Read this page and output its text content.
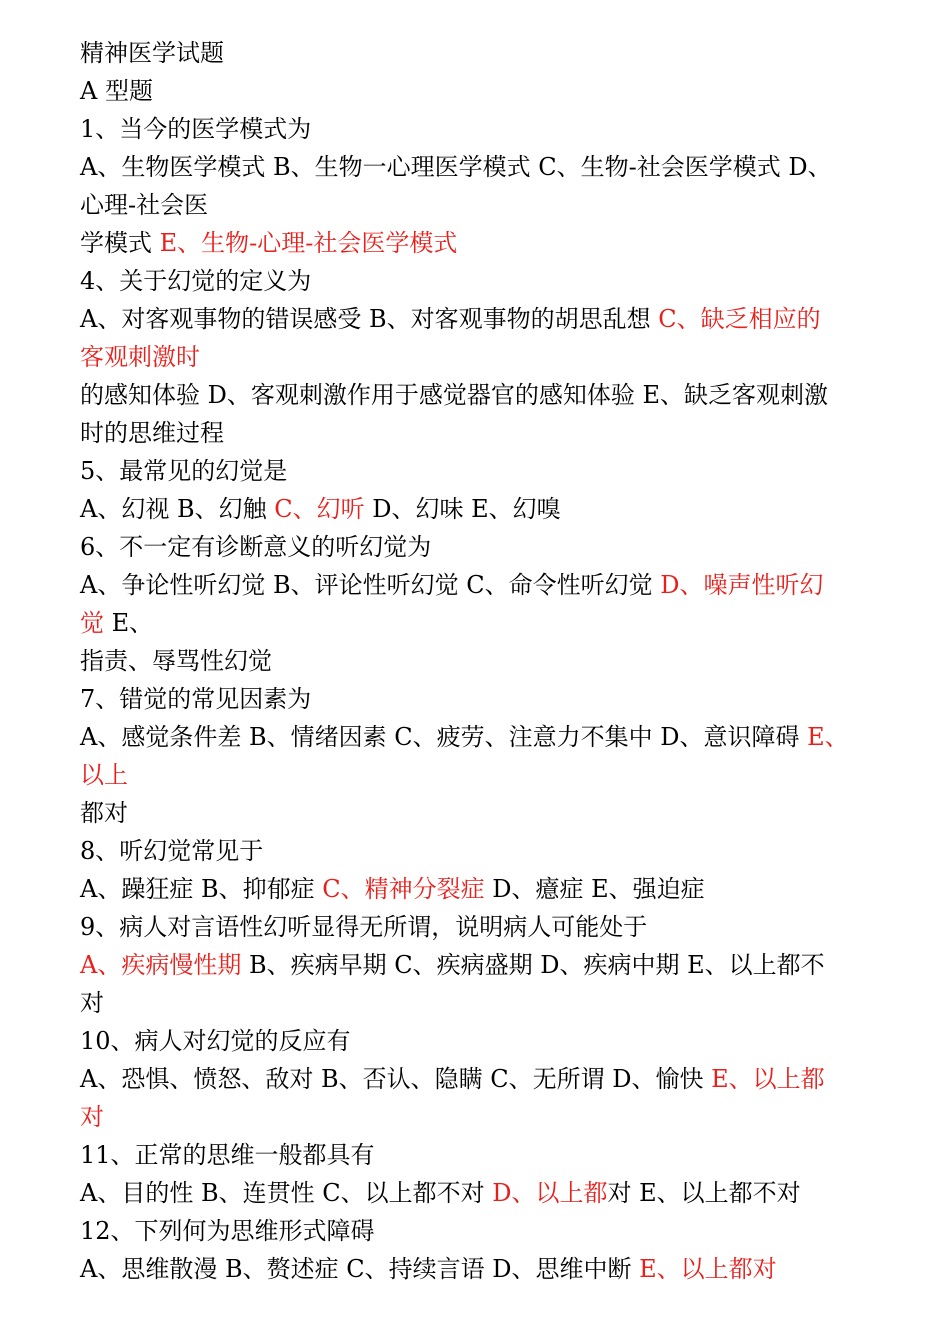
精神医学试题
A 型题
1、当今的医学模式为
A、生物医学模式 B、生物一心理医学模式 C、生物-社会医学模式 D、
心理-社会医
学模式 E、生物-心理-社会医学模式
4、关于幻觉的定义为
A、对客观事物的错误感受 B、对客观事物的胡思乱想 C、缺乏相应的
客观刺激时
的感知体验 D、客观刺激作用于感觉器官的感知体验 E、缺乏客观刺激
时的思维过程
5、最常见的幻觉是
A、幻视 B、幻触 C、幻听 D、幻味 E、幻嗅
6、不一定有诊断意义的听幻觉为
A、争论性听幻觉 B、评论性听幻觉 C、命令性听幻觉 D、噪声性听幻
觉 E、
指责、辱骂性幻觉
7、错觉的常见因素为
A、感觉条件差 B、情绪因素 C、疲劳、注意力不集中 D、意识障碍 E、
以上
都对
8、听幻觉常见于
A、躁狂症 B、抑郁症 C、精神分裂症 D、癔症 E、强迫症
9、病人对言语性幻听显得无所谓，说明病人可能处于
A、疾病慢性期 B、疾病早期 C、疾病盛期 D、疾病中期 E、以上都不
对
10、病人对幻觉的反应有
A、恐惧、愤怒、敌对 B、否认、隐瞒 C、无所谓 D、愉快 E、以上都
对
11、正常的思维一般都具有
A、目的性 B、连贯性 C、以上都不对 D、以上都对 E、以上都不对
12、下列何为思维形式障碍
A、思维散漫 B、赘述症 C、持续言语 D、思维中断 E、以上都对
